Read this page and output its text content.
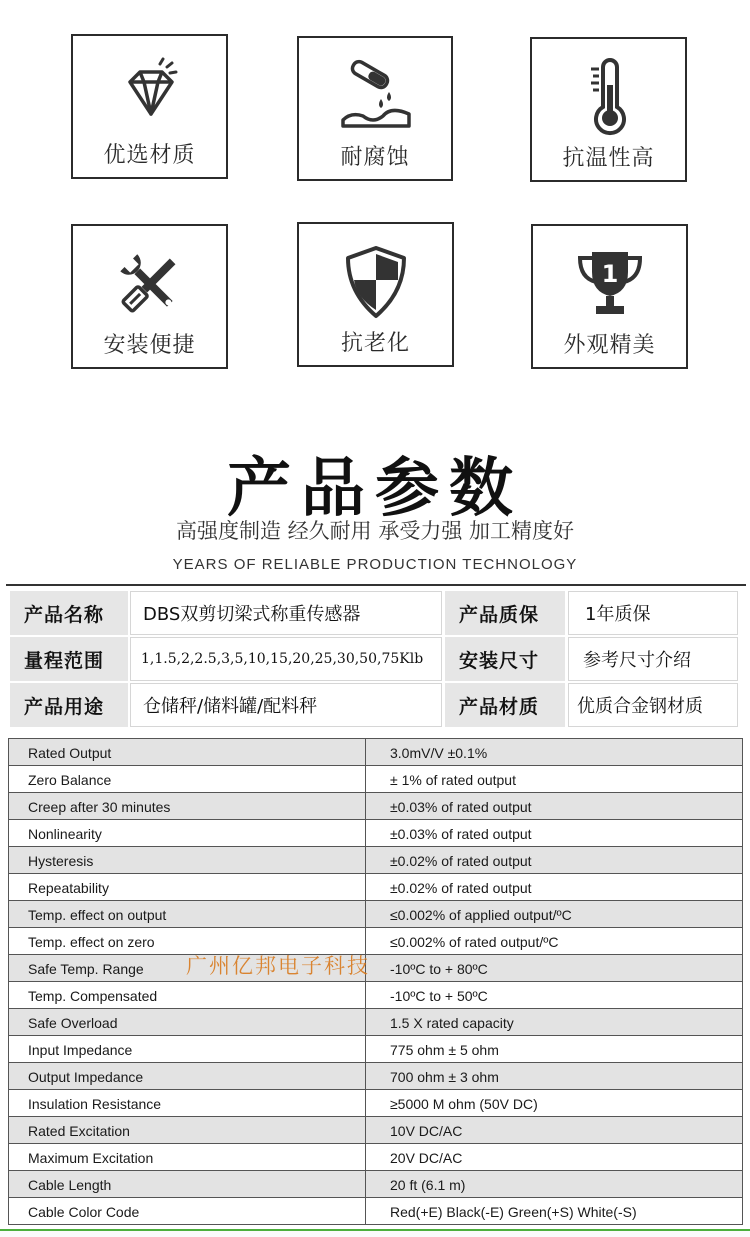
优选材质	耐腐蚀	抗温性高
安装便捷	抗老化
1
外观精美
产品参数
高强度制造 经久耐用 承受力强 加工精度好
YEARS OF RELIABLE PRODUCTION TECHNOLOGY
产品名称	DBS双剪切梁式称重传感器	产品质保	1年质保
量程范围	1,1.5,2,2.5,3,5,10,15,20,25,30,50,75Klb	安装尺寸	参考尺寸介绍
产品用途	仓储秤/储料罐/配料秤	产品材质	优质合金钢材质
Rated Output	3.0mV/V ±0.1%
Zero Balance	± 1% of rated output
Creep after 30 minutes	±0.03% of rated output
Nonlinearity	±0.03% of rated output
Hysteresis	±0.02% of rated output
Repeatability	±0.02% of rated output
Temp. effect on output	≤0.002% of applied output/ºC
Temp. effect on zero	≤0.002% of rated output/ºC
Safe Temp. Range	-10ºC to + 80ºC
Temp. Compensated	-10ºC to + 50ºC
Safe Overload	1.5 X rated capacity
Input Impedance	775 ohm ± 5 ohm
Output Impedance	700 ohm ± 3 ohm
Insulation Resistance	≥5000 M ohm (50V DC)
Rated Excitation	10V DC/AC
Maximum Excitation	20V DC/AC
Cable Length	20 ft (6.1 m)
Cable Color Code	Red(+E) Black(-E) Green(+S) White(-S)
广州亿邦电子科技
